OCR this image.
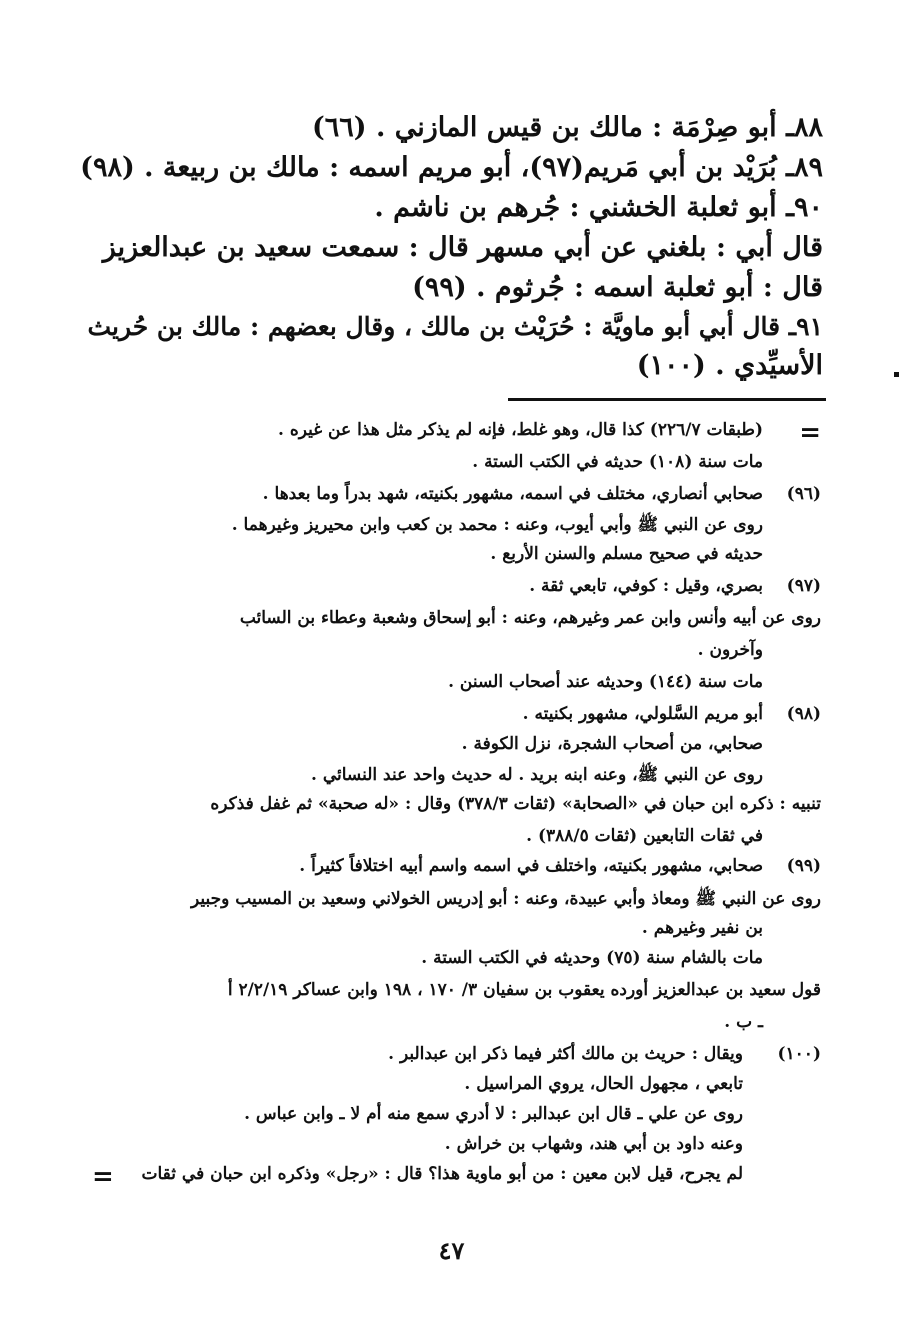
٨٨ـ أبو صِرْمَة : مالك بن قيس المازني . (٦٦)
٨٩ـ بُرَيْد بن أبي مَريم(٩٧)، أبو مريم اسمه : مالك بن ربيعة . (٩٨)
٩٠ـ أبو ثعلبة الخشني : جُرهم بن ناشم .
قال أبي : بلغني عن أبي مسهر قال : سمعت سعيد بن عبدالعزيز
قال : أبو ثعلبة اسمه : جُرثوم . (٩٩)
٩١ـ قال أبي أبو ماويَّة : حُرَيْث بن مالك ، وقال بعضهم : مالك بن حُريث
الأسيِّدي . (١٠٠)
=
(طبقات ٢٢٦/٧) كذا قال، وهو غلط، فإنه لم يذكر مثل هذا عن غيره .
مات سنة (١٠٨) حديثه في الكتب الستة .
(٩٦)
صحابي أنصاري، مختلف في اسمه، مشهور بكنيته، شهد بدراً وما بعدها .
روى عن النبي ﷺ وأبي أيوب، وعنه : محمد بن كعب وابن محيريز وغيرهما .
حديثه في صحيح مسلم والسنن الأربع .
(٩٧)
بصري، وقيل : كوفي، تابعي ثقة .
روى عن أبيه وأنس وابن عمر وغيرهم، وعنه : أبو إسحاق وشعبة وعطاء بن السائب
وآخرون .
مات سنة (١٤٤) وحديثه عند أصحاب السنن .
(٩٨)
أبو مريم السَّلولي، مشهور بكنيته .
صحابي، من أصحاب الشجرة، نزل الكوفة .
روى عن النبي ﷺ، وعنه ابنه بريد . له حديث واحد عند النسائي .
تنبيه : ذكره ابن حبان في «الصحابة» (ثقات ٣٧٨/٣) وقال : «له صحبة» ثم غفل فذكره
في ثقات التابعين (ثقات ٣٨٨/٥) .
(٩٩)
صحابي، مشهور بكنيته، واختلف في اسمه واسم أبيه اختلافاً كثيراً .
روى عن النبي ﷺ ومعاذ وأبي عبيدة، وعنه : أبو إدريس الخولاني وسعيد بن المسيب وجبير
بن نفير وغيرهم .
مات بالشام سنة (٧٥) وحديثه في الكتب الستة .
قول سعيد بن عبدالعزيز أورده يعقوب بن سفيان ٣/ ١٧٠ ، ١٩٨ وابن عساكر ٢/٢/١٩ أ
ـ ب .
(١٠٠)
ويقال : حريث بن مالك أكثر فيما ذكر ابن عبدالبر .
تابعي ، مجهول الحال، يروي المراسيل .
روى عن علي ـ قال ابن عبدالبر : لا أدري سمع منه أم لا ـ وابن عباس .
وعنه داود بن أبي هند، وشهاب بن خراش .
لم يجرح، قيل لابن معين : من أبو ماوية هذا؟ قال : «رجل» وذكره ابن حبان في ثقات
=
٤٧
